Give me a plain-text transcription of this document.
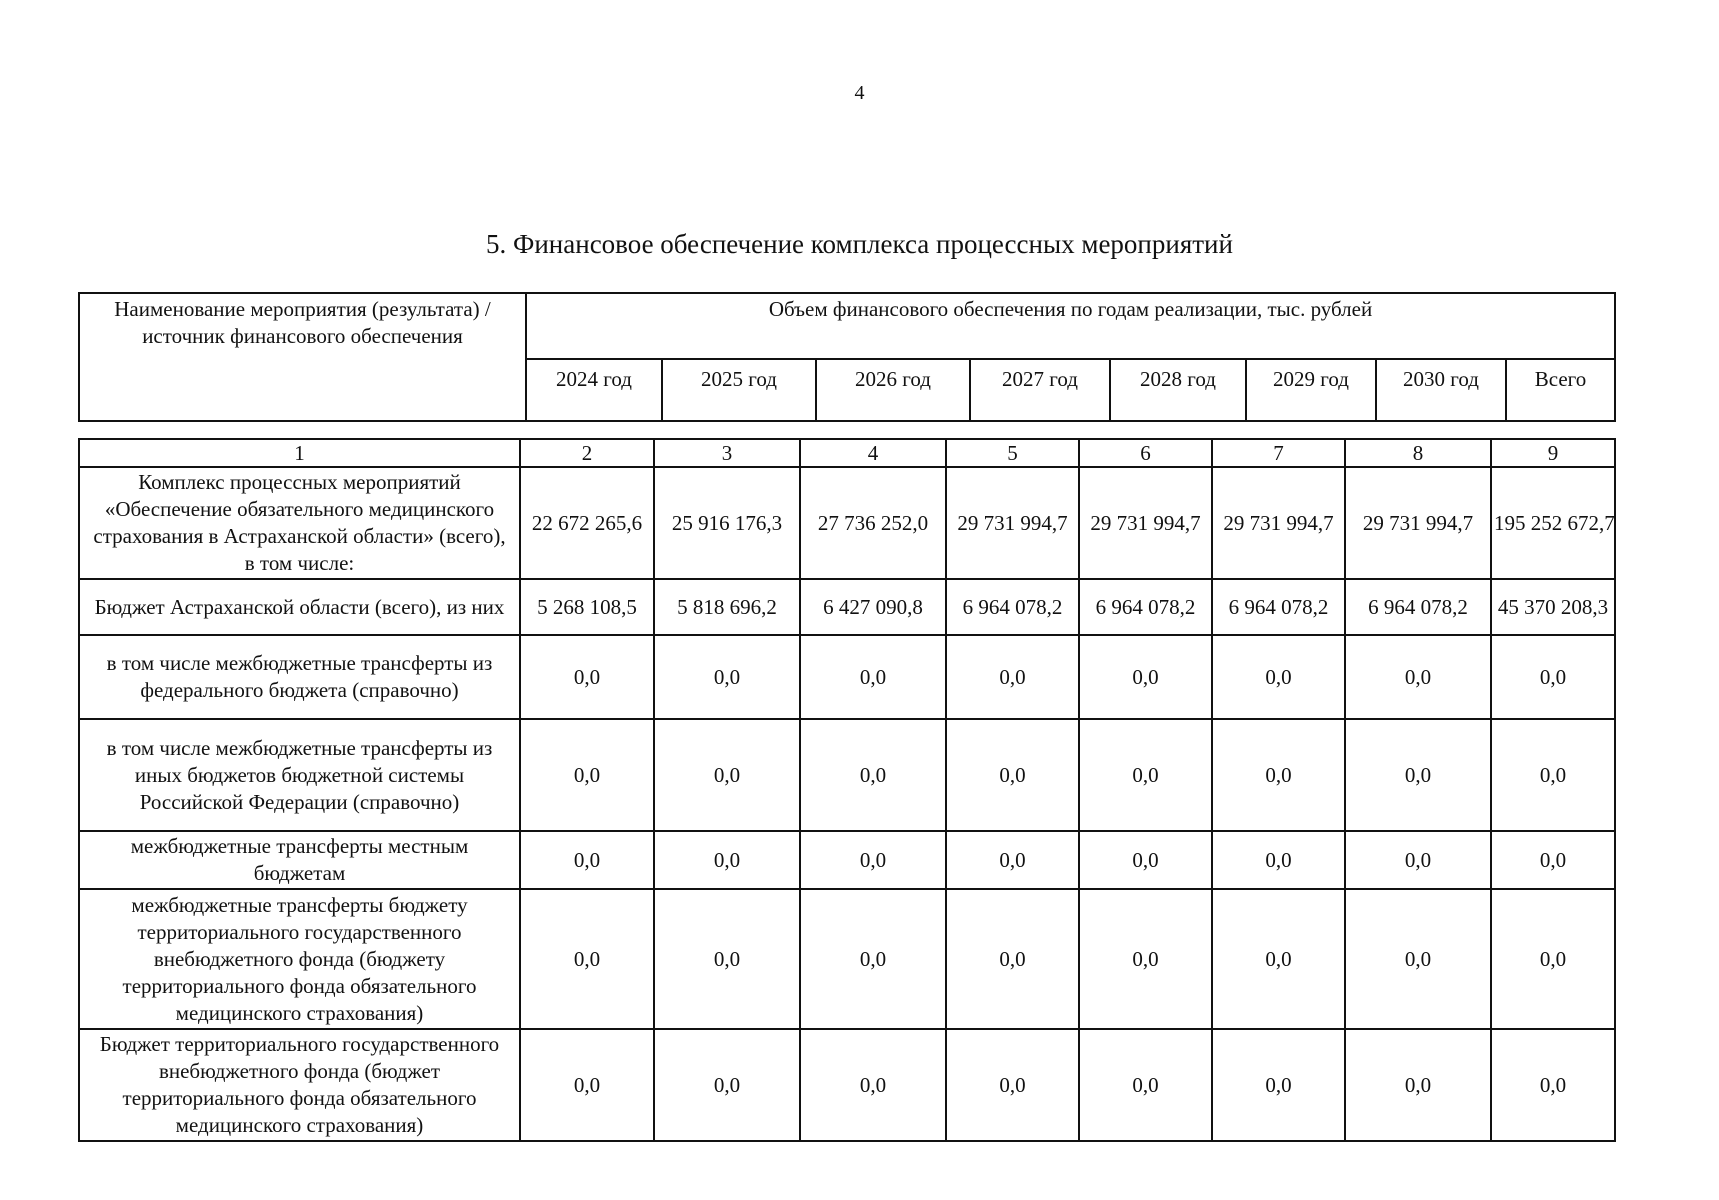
4
5. Финансовое обеспечение комплекса процессных мероприятий
Наименование мероприятия (результата) / источник финансового обеспечения	Объем финансового обеспечения по годам реализации, тыс. рублей							
	2024 год	2025 год	2026 год	2027 год	2028 год	2029 год	2030 год	Всего
1	2	3	4	5	6	7	8	9
Комплекс процессных мероприятий «Обеспечение обязательного медицинского страхования в Астраханской области» (всего), в том числе:	22 672 265,6	25 916 176,3	27 736 252,0	29 731 994,7	29 731 994,7	29 731 994,7	29 731 994,7	195 252 672,7
Бюджет Астраханской области (всего), из них	5 268 108,5	5 818 696,2	6 427 090,8	6 964 078,2	6 964 078,2	6 964 078,2	6 964 078,2	45 370 208,3
в том числе межбюджетные трансферты из федерального бюджета (справочно)	0,0	0,0	0,0	0,0	0,0	0,0	0,0	0,0
в том числе межбюджетные трансферты из иных бюджетов бюджетной системы Российской Федерации (справочно)	0,0	0,0	0,0	0,0	0,0	0,0	0,0	0,0
межбюджетные трансферты местным бюджетам	0,0	0,0	0,0	0,0	0,0	0,0	0,0	0,0
межбюджетные трансферты бюджету территориального государственного внебюджетного фонда (бюджету территориального фонда обязательного медицинского страхования)	0,0	0,0	0,0	0,0	0,0	0,0	0,0	0,0
Бюджет территориального государственного внебюджетного фонда (бюджет территориального фонда обязательного медицинского страхования)	0,0	0,0	0,0	0,0	0,0	0,0	0,0	0,0
